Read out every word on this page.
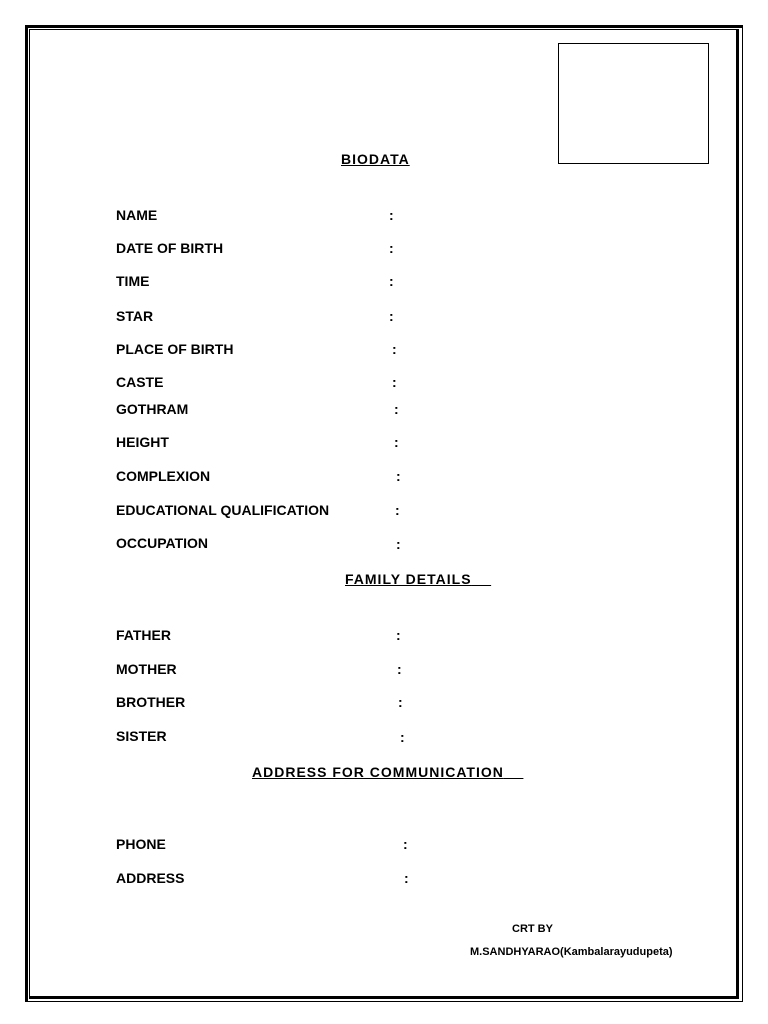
BIODATA
NAME	:
DATE OF BIRTH	:
TIME	:
STAR	:
PLACE OF BIRTH	:
CASTE	:
GOTHRAM	:
HEIGHT	:
COMPLEXION	:
EDUCATIONAL QUALIFICATION	:
OCCUPATION	:
FAMILY DETAILS
FATHER	:
MOTHER	:
BROTHER	:
SISTER	:
ADDRESS FOR COMMUNICATION
PHONE	:
ADDRESS	:
CRT BY
M.SANDHYARAO(Kambalarayudupeta)
